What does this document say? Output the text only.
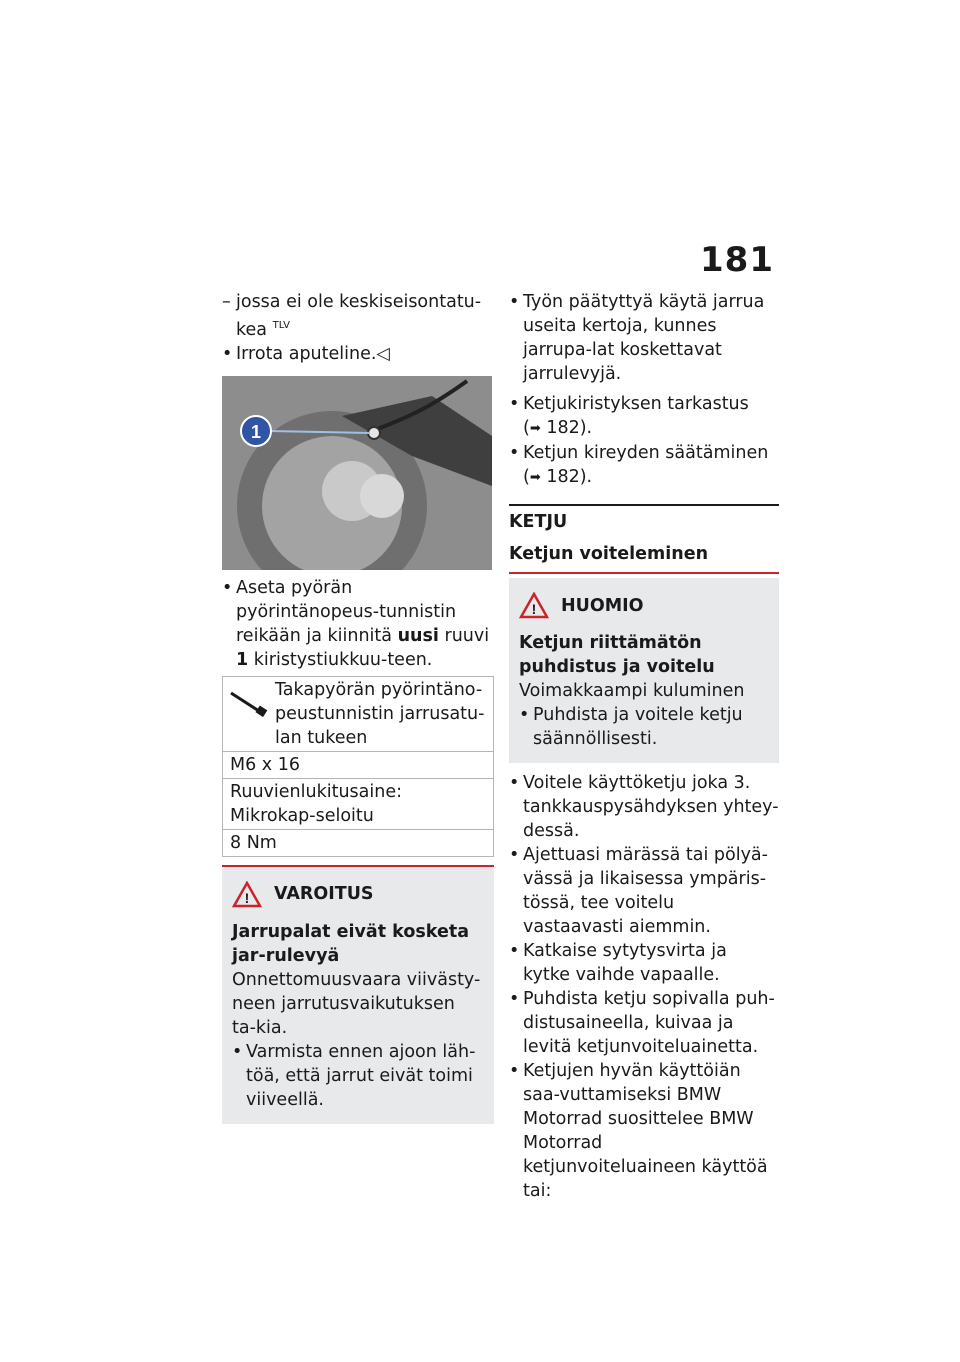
181

– jossa ei ole keskiseisontatu-kea $^{TLV}$

• Irrota aputeline.◁

1

• Aseta pyörän pyörintänopeus-tunnistin reikään ja kiinnitä uusi ruuvi 1 kiristystiukkuu-teen.

Takapyörän pyörintäno-peustunnistin jarrusatu-lan tukeen
M6 x 16
Ruuvienlukitusaine: Mikrokap-seloitu
8 Nm
! VAROITUS

Jarrupalat eivät kosketa jar-rulevyä

Onnettomuusvaara viivästy-neen jarrutusvaikutuksen ta-kia.

• Varmista ennen ajoon läh-töä, että jarrut eivät toimi viiveellä.

• Työn päätyttyä käytä jarrua useita kertoja, kunnes jarrupa-lat koskettavat jarrulevyjä.

• Ketjukiristyksen tarkastus
(➡ 182).

• Ketjun kireyden säätäminen
(➡ 182).

KETJU
Ketjun voiteleminen
! HUOMIO

Ketjun riittämätön puhdistus ja voitelu

Voimakkaampi kuluminen

• Puhdista ja voitele ketju säännöllisesti.

• Voitele käyttöketju joka 3. tankkauspysähdyksen yhtey-dessä.

• Ajettuasi märässä tai pölyä-vässä ja likaisessa ympäris-tössä, tee voitelu vastaavasti aiemmin.

• Katkaise sytytysvirta ja kytke vaihde vapaalle.

• Puhdista ketju sopivalla puh-distusaineella, kuivaa ja levitä ketjunvoiteluainetta.

• Ketjujen hyvän käyttöiän saa-vuttamiseksi BMW Motorrad suosittelee BMW Motorrad ketjunvoiteluaineen käyttöä tai:
